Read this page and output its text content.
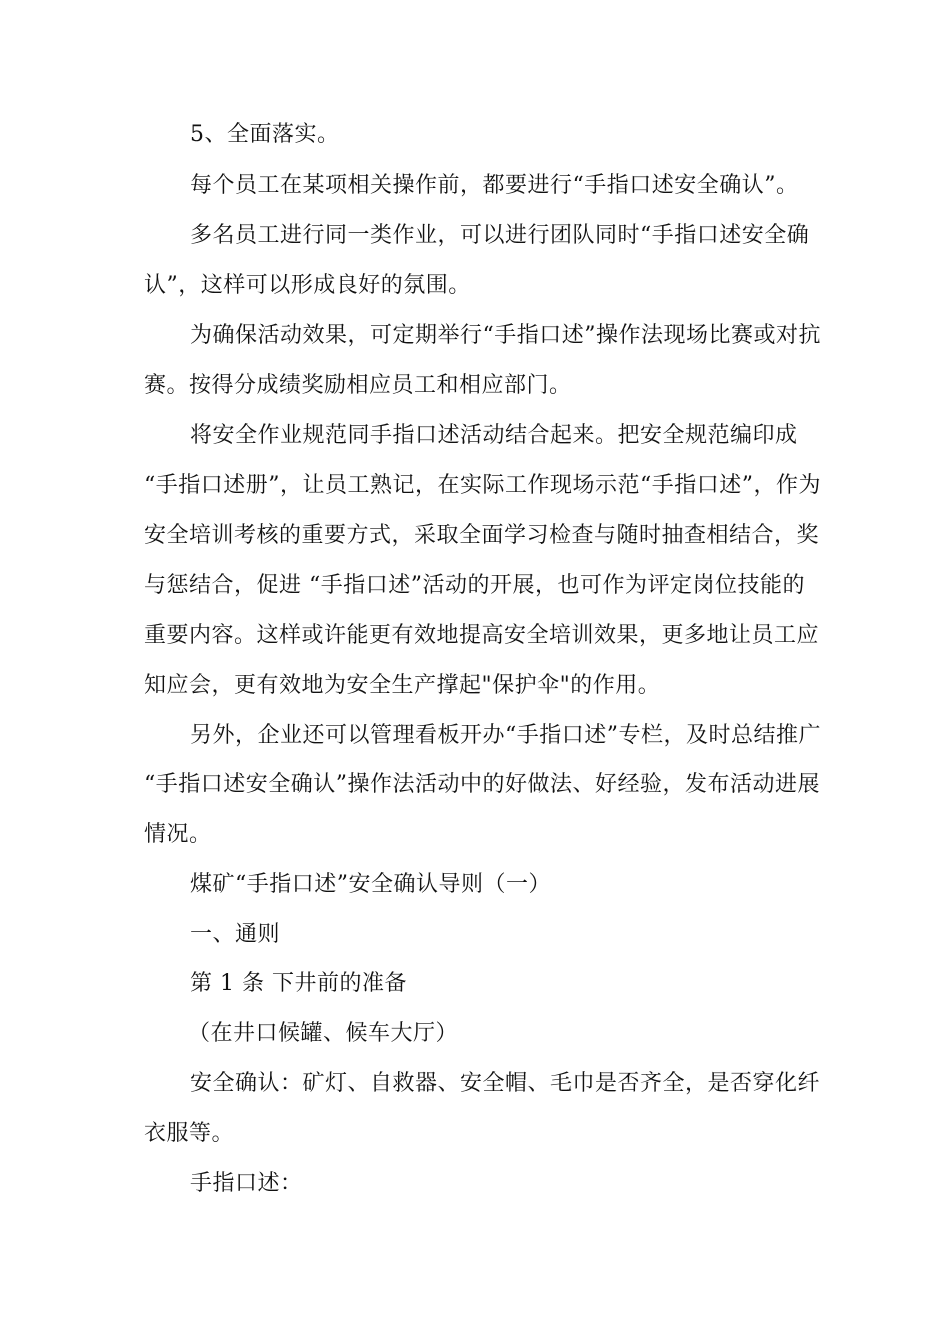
5、全面落实。
每个员工在某项相关操作前，都要进行“手指口述安全确认”。
多名员工进行同一类作业，可以进行团队同时“手指口述安全确
认”，这样可以形成良好的氛围。
为确保活动效果，可定期举行“手指口述”操作法现场比赛或对抗
赛。按得分成绩奖励相应员工和相应部门。
将安全作业规范同手指口述活动结合起来。把安全规范编印成
“手指口述册”，让员工熟记，在实际工作现场示范“手指口述”，作为
安全培训考核的重要方式，采取全面学习检查与随时抽查相结合，奖
与惩结合，促进 “手指口述”活动的开展，也可作为评定岗位技能的
重要内容。这样或许能更有效地提高安全培训效果，更多地让员工应
知应会，更有效地为安全生产撑起"保护伞"的作用。
另外，企业还可以管理看板开办“手指口述”专栏，及时总结推广
“手指口述安全确认”操作法活动中的好做法、好经验，发布活动进展
情况。
煤矿“手指口述”安全确认导则（一）
一、通则
第 1 条 下井前的准备
（在井口候罐、候车大厅）
安全确认：矿灯、自救器、安全帽、毛巾是否齐全，是否穿化纤
衣服等。
手指口述：
